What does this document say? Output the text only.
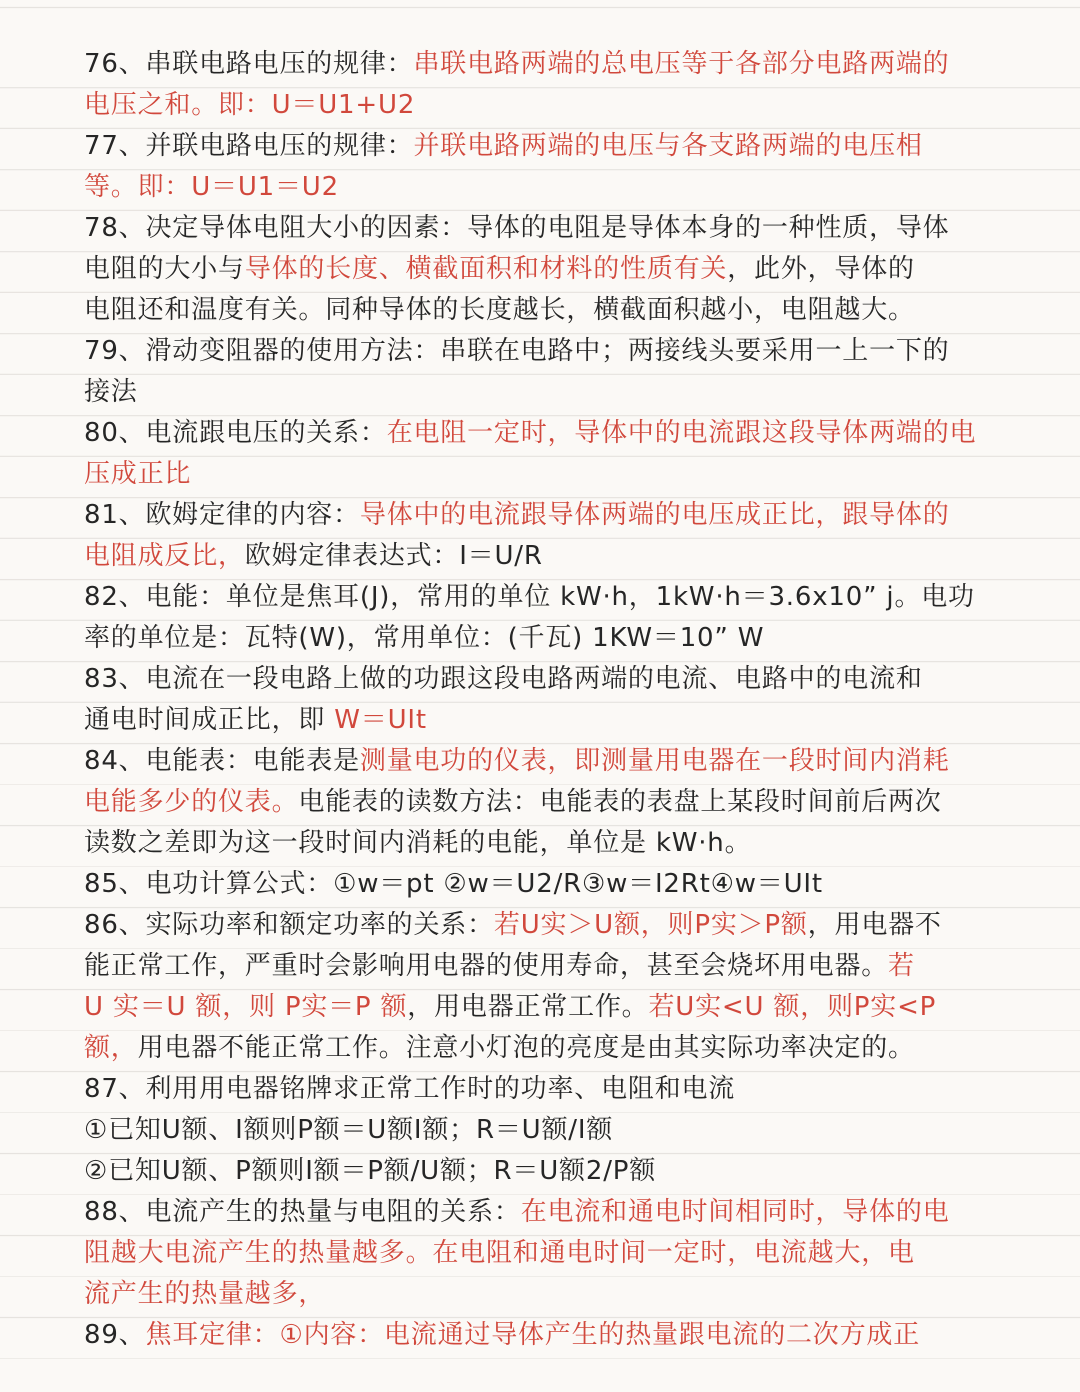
76、串联电路电压的规律：串联电路两端的总电压等于各部分电路两端的
电压之和。即：U＝U1+U2
77、并联电路电压的规律：并联电路两端的电压与各支路两端的电压相
等。即：U＝U1＝U2
78、决定导体电阻大小的因素：导体的电阻是导体本身的一种性质，导体
电阻的大小与导体的长度、横截面积和材料的性质有关，此外，导体的
电阻还和温度有关。同种导体的长度越长，横截面积越小，电阻越大。
79、滑动变阻器的使用方法：串联在电路中；两接线头要采用一上一下的
接法
80、电流跟电压的关系：在电阻一定时，导体中的电流跟这段导体两端的电
压成正比
81、欧姆定律的内容：导体中的电流跟导体两端的电压成正比，跟导体的
电阻成反比，欧姆定律表达式：I＝U/R
82、电能：单位是焦耳(J)，常用的单位 kW·h，1kW·h＝3.6x10” j。电功
率的单位是：瓦特(W)，常用单位：(千瓦) 1KW＝10” W
83、电流在一段电路上做的功跟这段电路两端的电流、电路中的电流和
通电时间成正比，即 W＝UIt
84、电能表：电能表是测量电功的仪表，即测量用电器在一段时间内消耗
电能多少的仪表。电能表的读数方法：电能表的表盘上某段时间前后两次
读数之差即为这一段时间内消耗的电能，单位是 kW·h。
85、电功计算公式：①w＝pt ②w＝U2/R③w＝I2Rt④w＝UIt
86、实际功率和额定功率的关系：若U实＞U额，则P实＞P额，用电器不
能正常工作，严重时会影响用电器的使用寿命，甚至会烧坏用电器。若
U 实＝U 额，则 P实＝P 额，用电器正常工作。若U实<U 额，则P实<P
额，用电器不能正常工作。注意小灯泡的亮度是由其实际功率决定的。
87、利用用电器铭牌求正常工作时的功率、电阻和电流
①已知U额、I额则P额＝U额I额；R＝U额/I额
②已知U额、P额则I额＝P额/U额；R＝U额2/P额
88、电流产生的热量与电阻的关系：在电流和通电时间相同时，导体的电
阻越大电流产生的热量越多。在电阻和通电时间一定时，电流越大，电
流产生的热量越多，
89、焦耳定律：①内容：电流通过导体产生的热量跟电流的二次方成正
